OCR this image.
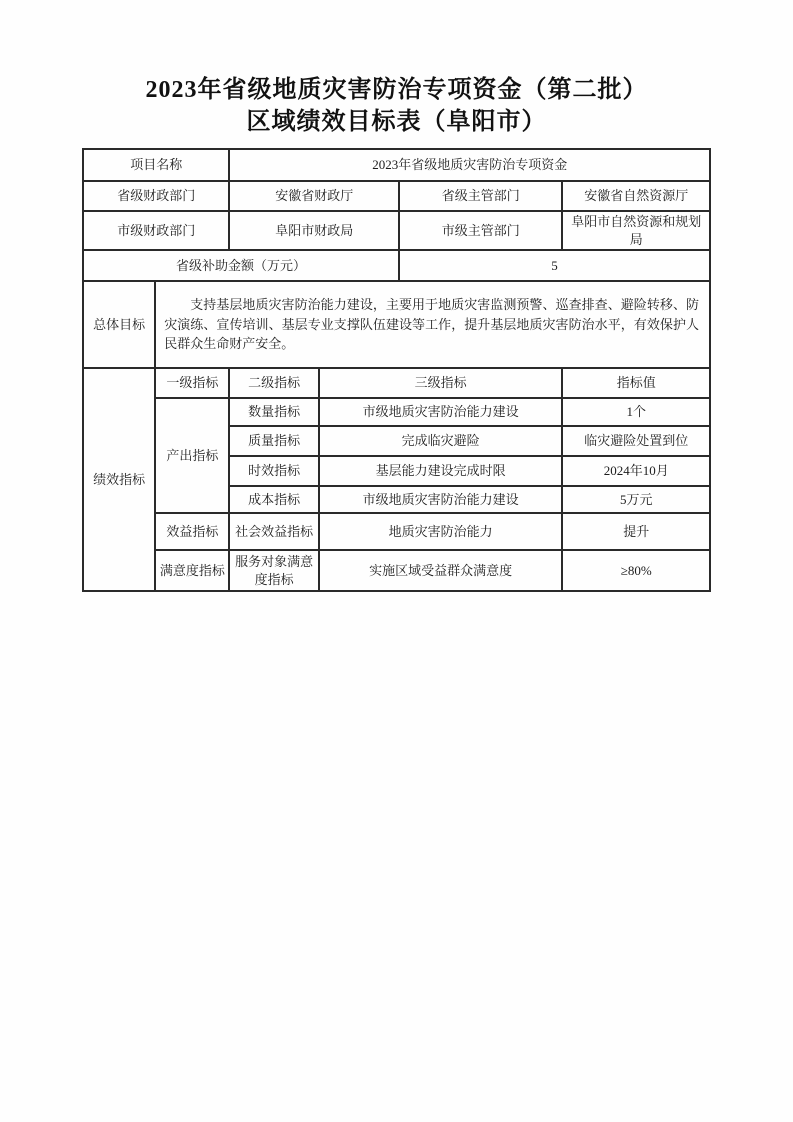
2023年省级地质灾害防治专项资金（第二批）
区域绩效目标表（阜阳市）
项目名称		2023年省级地质灾害防治专项资金			
省级财政部门		安徽省财政厅		省级主管部门	安徽省自然资源厅
市级财政部门		阜阳市财政局		市级主管部门	阜阳市自然资源和规划局
省级补助金额（万元）				5	
总体目标	支持基层地质灾害防治能力建设，主要用于地质灾害监测预警、巡查排查、避险转移、防灾演练、宣传培训、基层专业支撑队伍建设等工作，提升基层地质灾害防治水平，有效保护人民群众生命财产安全。				

绩效指标	一级指标	二级指标	三级指标		指标值
	产出指标	数量指标	市级地质灾害防治能力建设		1个
		质量指标	完成临灾避险		临灾避险处置到位
		时效指标	基层能力建设完成时限		2024年10月
		成本指标	市级地质灾害防治能力建设		5万元
	效益指标	社会效益指标	地质灾害防治能力		提升
	满意度指标	服务对象满意度指标	实施区域受益群众满意度		≥80%
